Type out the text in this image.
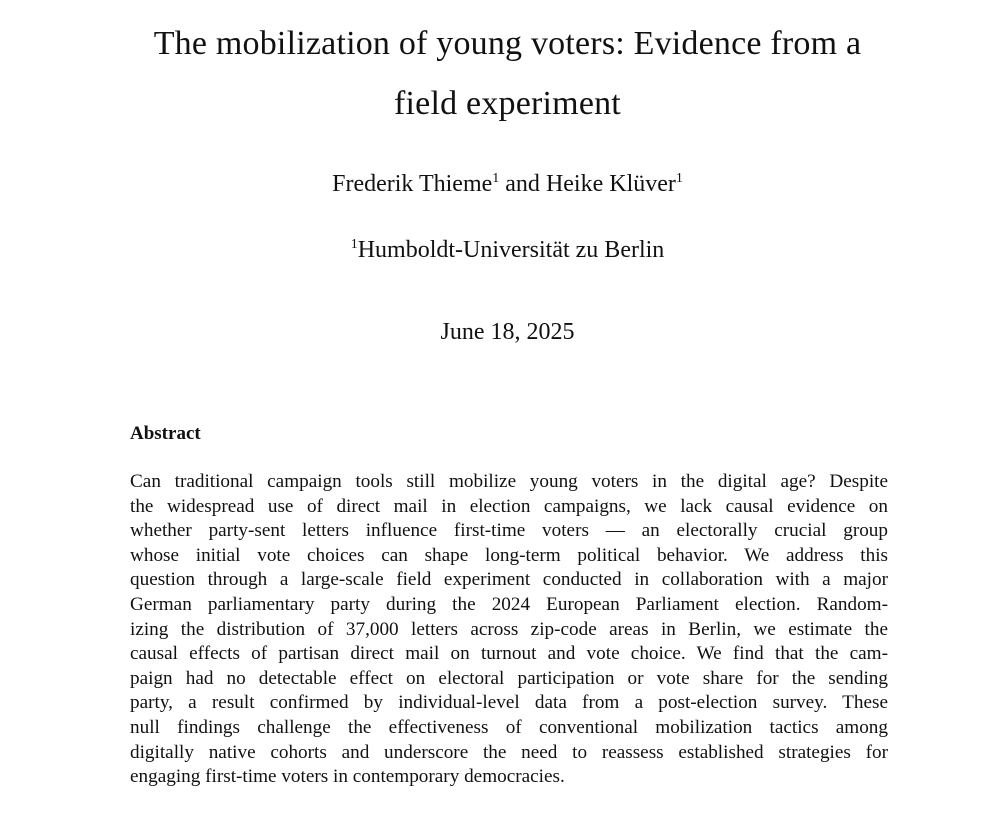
The mobilization of young voters: Evidence from a
field experiment
Frederik Thieme$^1$ and Heike Klüver$^1$
$^1$Humboldt-Universität zu Berlin
June 18, 2025
Abstract

Can traditional campaign tools still mobilize young voters in the digital age? Despite
the widespread use of direct mail in election campaigns, we lack causal evidence on
whether party-sent letters influence first-time voters — an electorally crucial group
whose initial vote choices can shape long-term political behavior. We address this
question through a large-scale field experiment conducted in collaboration with a major
German parliamentary party during the 2024 European Parliament election. Random-
izing the distribution of 37,000 letters across zip-code areas in Berlin, we estimate the
causal effects of partisan direct mail on turnout and vote choice. We find that the cam-
paign had no detectable effect on electoral participation or vote share for the sending
party, a result confirmed by individual-level data from a post-election survey. These
null findings challenge the effectiveness of conventional mobilization tactics among
digitally native cohorts and underscore the need to reassess established strategies for
engaging first-time voters in contemporary democracies.
